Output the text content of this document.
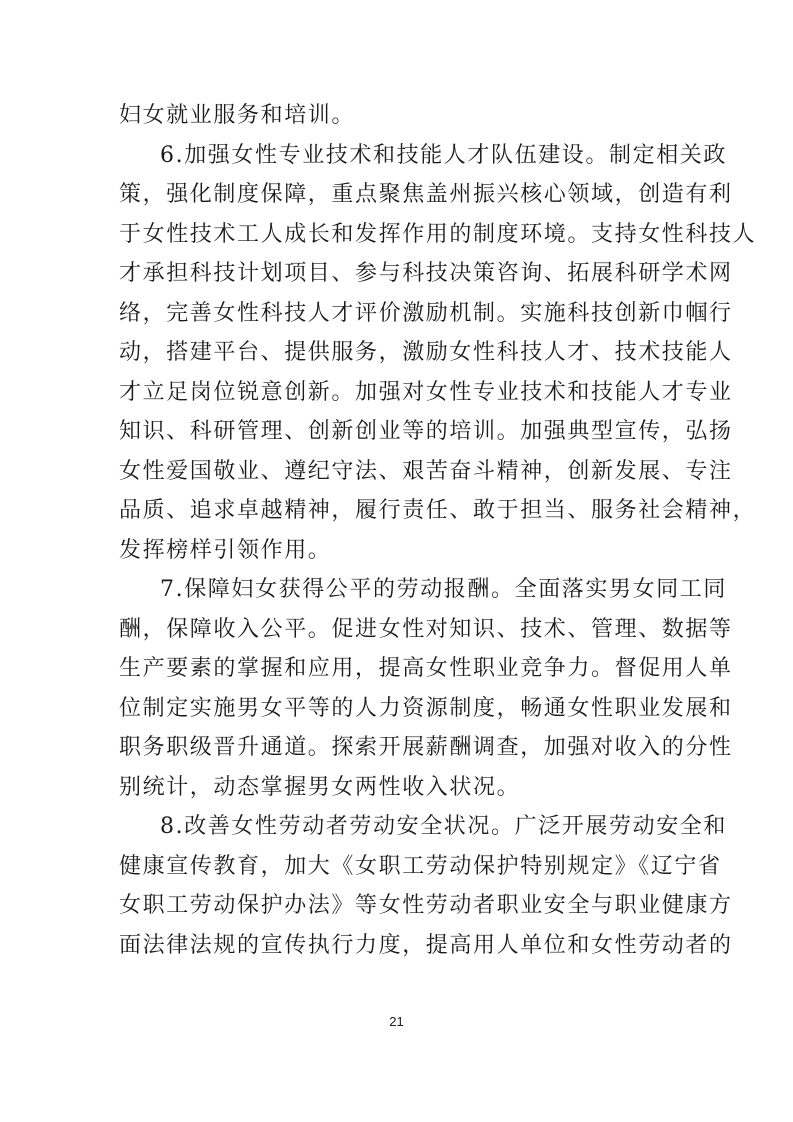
妇女就业服务和培训。
6.加强女性专业技术和技能人才队伍建设。制定相关政
策，强化制度保障，重点聚焦盖州振兴核心领域，创造有利
于女性技术工人成长和发挥作用的制度环境。支持女性科技人
才承担科技计划项目、参与科技决策咨询、拓展科研学术网
络，完善女性科技人才评价激励机制。实施科技创新巾帼行
动，搭建平台、提供服务，激励女性科技人才、技术技能人
才立足岗位锐意创新。加强对女性专业技术和技能人才专业
知识、科研管理、创新创业等的培训。加强典型宣传，弘扬
女性爱国敬业、遵纪守法、艰苦奋斗精神，创新发展、专注
品质、追求卓越精神，履行责任、敢于担当、服务社会精神，
发挥榜样引领作用。
7.保障妇女获得公平的劳动报酬。全面落实男女同工同
酬，保障收入公平。促进女性对知识、技术、管理、数据等
生产要素的掌握和应用，提高女性职业竞争力。督促用人单
位制定实施男女平等的人力资源制度，畅通女性职业发展和
职务职级晋升通道。探索开展薪酬调查，加强对收入的分性
别统计，动态掌握男女两性收入状况。
8.改善女性劳动者劳动安全状况。广泛开展劳动安全和
健康宣传教育，加大《女职工劳动保护特别规定》《辽宁省
女职工劳动保护办法》等女性劳动者职业安全与职业健康方
面法律法规的宣传执行力度，提高用人单位和女性劳动者的
21
